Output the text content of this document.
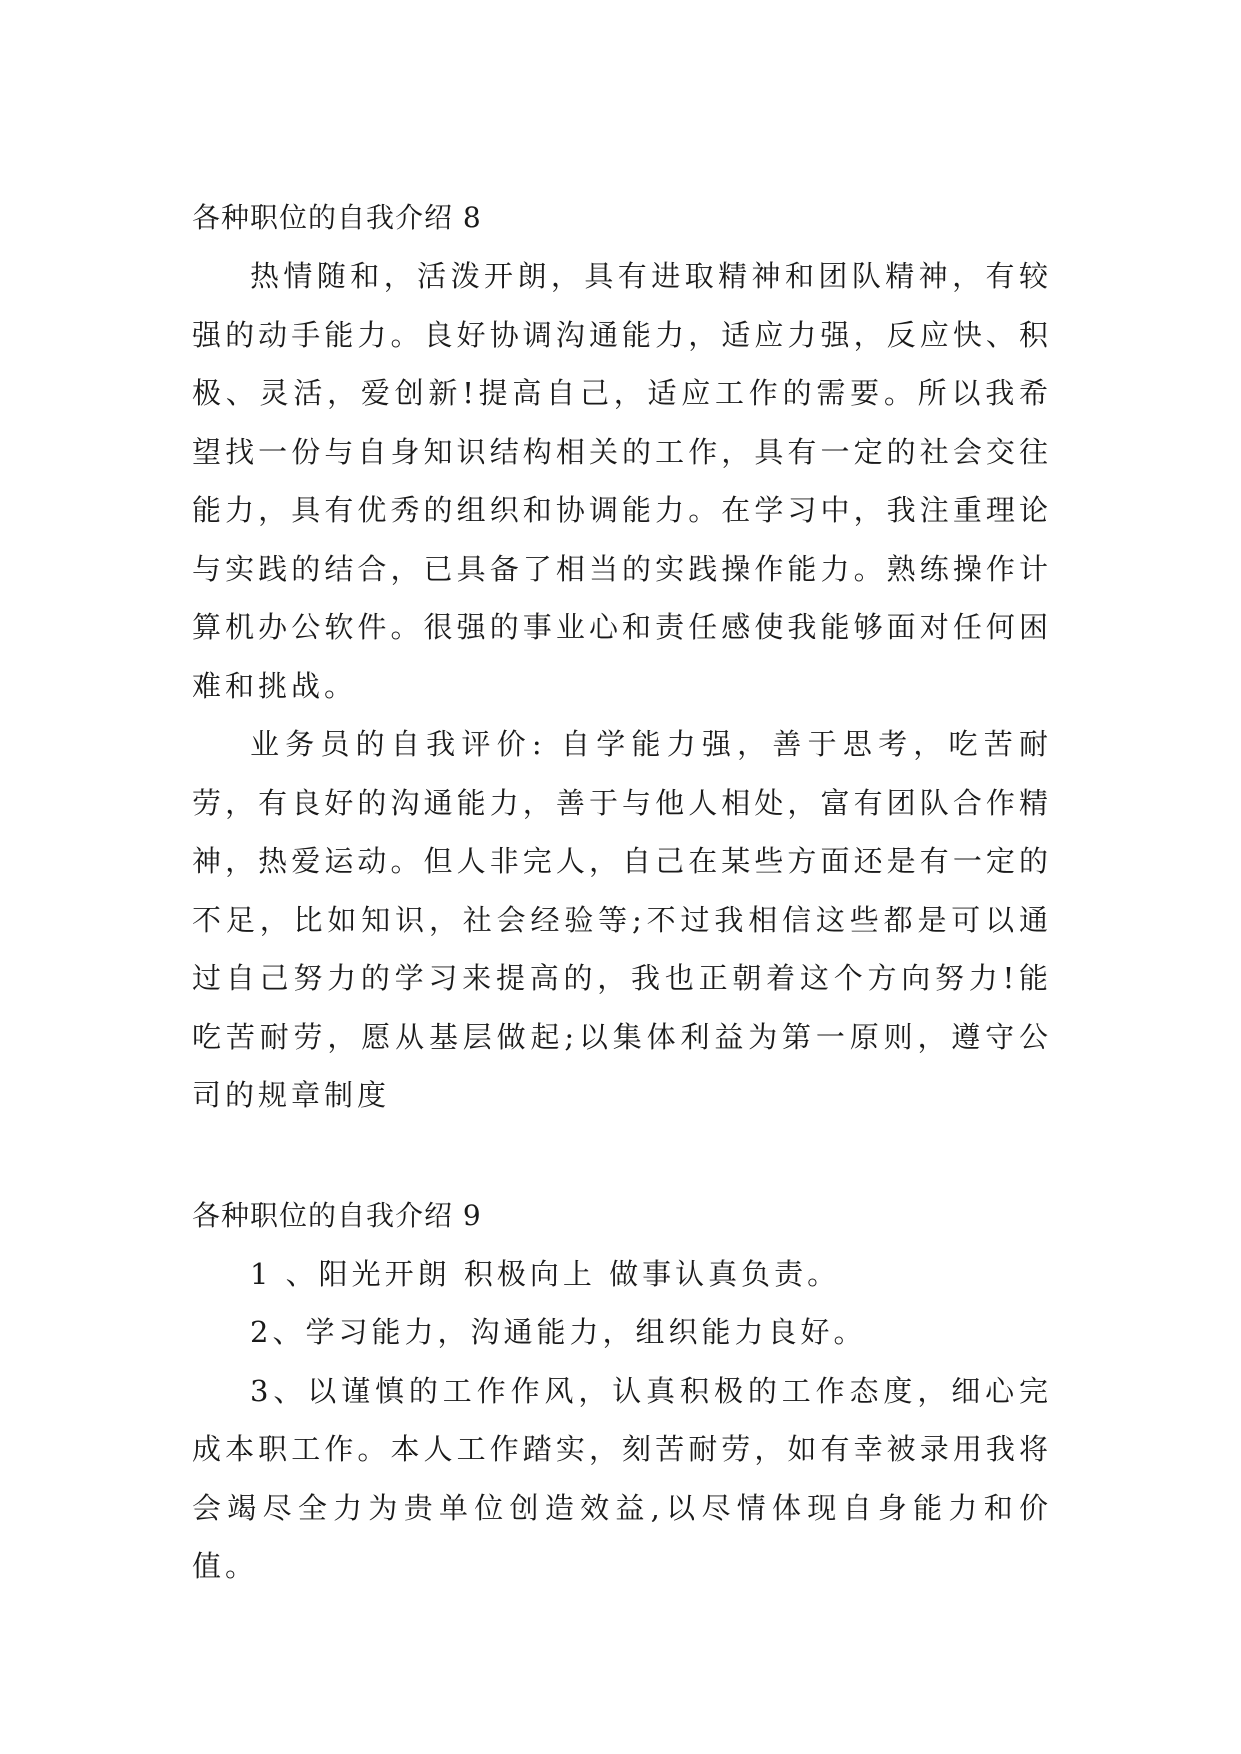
各种职位的自我介绍 8

热情随和，活泼开朗，具有进取精神和团队精神，有较强的动手能力。良好协调沟通能力，适应力强，反应快、积极、灵活，爱创新!提高自己，适应工作的需要。所以我希望找一份与自身知识结构相关的工作，具有一定的社会交往能力，具有优秀的组织和协调能力。在学习中，我注重理论与实践的结合，已具备了相当的实践操作能力。熟练操作计算机办公软件。很强的事业心和责任感使我能够面对任何困难和挑战。

业务员的自我评价: 自学能力强，善于思考，吃苦耐劳，有良好的沟通能力，善于与他人相处，富有团队合作精神，热爱运动。但人非完人，自己在某些方面还是有一定的不足，比如知识，社会经验等;不过我相信这些都是可以通过自己努力的学习来提高的，我也正朝着这个方向努力!能吃苦耐劳，愿从基层做起;以集体利益为第一原则，遵守公司的规章制度

各种职位的自我介绍 9

1 、阳光开朗 积极向上 做事认真负责。

2、学习能力，沟通能力，组织能力良好。

3、以谨慎的工作作风，认真积极的工作态度，细心完成本职工作。本人工作踏实，刻苦耐劳，如有幸被录用我将会竭尽全力为贵单位创造效益,以尽情体现自身能力和价值。
